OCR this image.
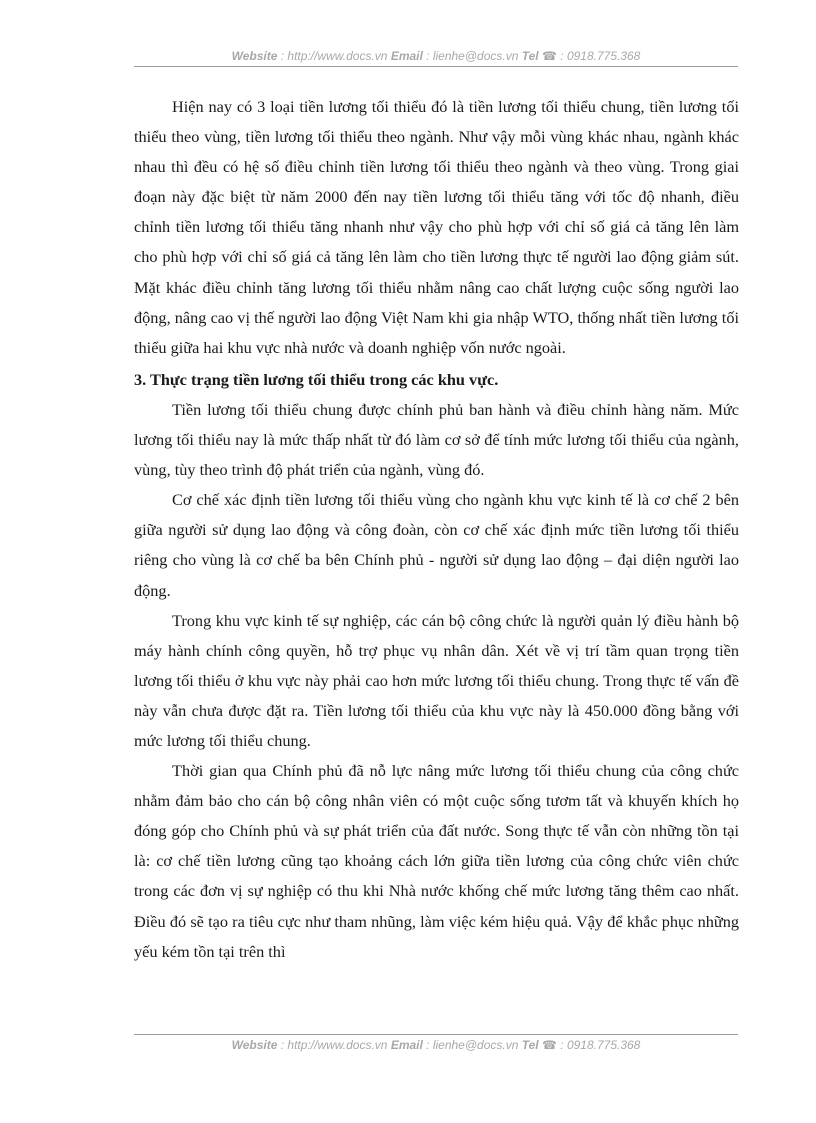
Website : http://www.docs.vn Email : lienhe@docs.vn Tel ☎ : 0918.775.368

Hiện nay có 3 loại tiền lương tối thiểu đó là tiền lương tối thiểu chung, tiền lương tối thiểu theo vùng, tiền lương tối thiểu theo ngành. Như vậy mỗi vùng khác nhau, ngành khác nhau thì đều có hệ số điều chỉnh tiền lương tối thiểu theo ngành và theo vùng. Trong giai đoạn này đặc biệt từ năm 2000 đến nay tiền lương tối thiểu tăng với tốc độ nhanh, điều chỉnh tiền lương tối thiểu tăng nhanh như vậy cho phù hợp với chỉ số giá cả tăng lên làm cho phù hợp với chỉ số giá cả tăng lên làm cho tiền lương thực tế người lao động giảm sút. Mặt khác điều chỉnh tăng lương tối thiểu nhằm nâng cao chất lượng cuộc sống người lao động, nâng cao vị thế người lao động Việt Nam khi gia nhập WTO, thống nhất tiền lương tối thiểu giữa hai khu vực nhà nước và doanh nghiệp vốn nước ngoài.

3. Thực trạng tiền lương tối thiểu trong các khu vực.

Tiền lương tối thiểu chung được chính phủ ban hành và điều chỉnh hàng năm. Mức lương tối thiểu nay là mức thấp nhất từ đó làm cơ sở để tính mức lương tối thiểu của ngành, vùng, tùy theo trình độ phát triển của ngành, vùng đó.

Cơ chế xác định tiền lương tối thiểu vùng cho ngành khu vực kinh tế là cơ chế 2 bên giữa người sử dụng lao động và công đoàn, còn cơ chế xác định mức tiền lương tối thiểu riêng cho vùng là cơ chế ba bên Chính phủ - người sử dụng lao động – đại diện người lao động.

Trong khu vực kinh tế sự nghiệp, các cán bộ công chức là người quản lý điều hành bộ máy hành chính công quyền, hỗ trợ phục vụ nhân dân. Xét về vị trí tầm quan trọng tiền lương tối thiểu ở khu vực này phải cao hơn mức lương tối thiểu chung. Trong thực tế vấn đề này vẫn chưa được đặt ra. Tiền lương tối thiểu của khu vực này là 450.000 đồng bằng với mức lương tối thiểu chung.

Thời gian qua Chính phủ đã nỗ lực nâng mức lương tối thiểu chung của công chức nhằm đảm bảo cho cán bộ công nhân viên có một cuộc sống tươm tất và khuyến khích họ đóng góp cho Chính phủ và sự phát triển của đất nước. Song thực tế vẫn còn những tồn tại là: cơ chế tiền lương cũng tạo khoảng cách lớn giữa tiền lương của công chức viên chức trong các đơn vị sự nghiệp có thu khi Nhà nước khống chế mức lương tăng thêm cao nhất. Điều đó sẽ tạo ra tiêu cực như tham nhũng, làm việc kém hiệu quả. Vậy để khắc phục những yếu kém tồn tại trên thì

Website : http://www.docs.vn Email : lienhe@docs.vn Tel ☎ : 0918.775.368
